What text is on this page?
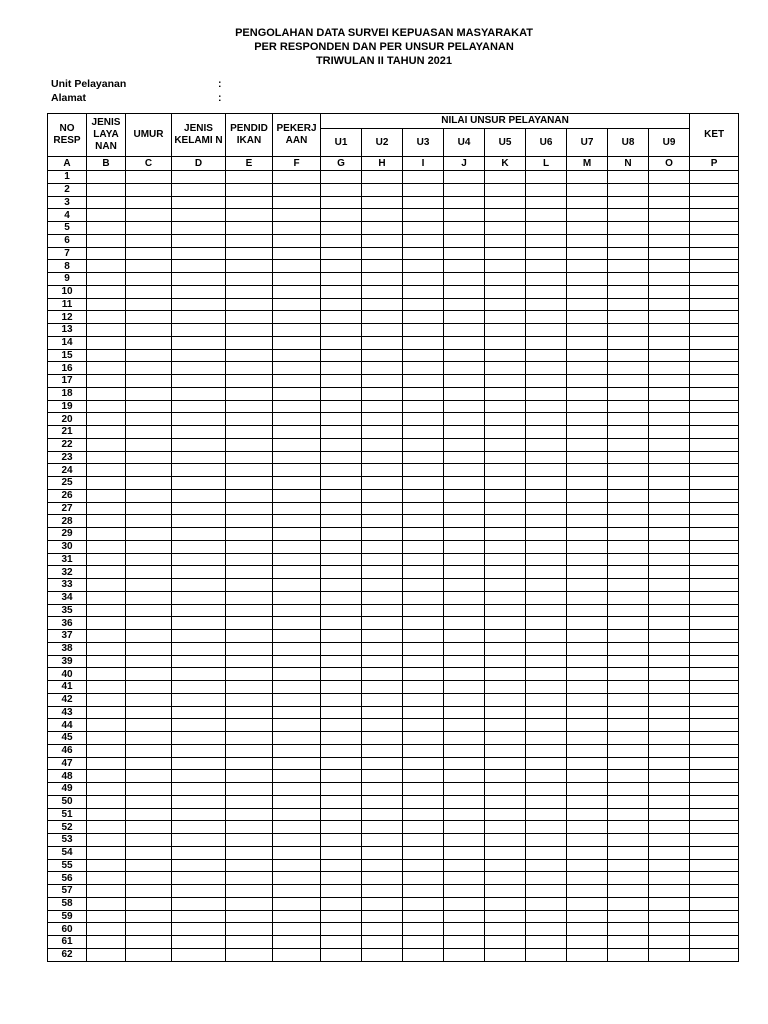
PENGOLAHAN DATA SURVEI KEPUASAN MASYARAKAT
PER RESPONDEN DAN PER UNSUR PELAYANAN
TRIWULAN II TAHUN 2021
Unit Pelayanan	:
Alamat	:
NO RESP	JENIS LAYA NAN	UMUR	JENIS KELAMI N	PENDID IKAN	PEKERJ AAN	NILAI UNSUR PELAYANAN									KET
						U1	U2	U3	U4	U5	U6	U7	U8	U9	
A	B	C	D	E	F	G	H	I	J	K	L	M	N	O	P
1															
2															
3															
4															
5															
6															
7															
8															
9															
10															
11															
12															
13															
14															
15															
16															
17															
18															
19															
20															
21															
22															
23															
24															
25															
26															
27															
28															
29															
30															
31															
32															
33															
34															
35															
36															
37															
38															
39															
40															
41															
42															
43															
44															
45															
46															
47															
48															
49															
50															
51															
52															
53															
54															
55															
56															
57															
58															
59															
60															
61															
62															
